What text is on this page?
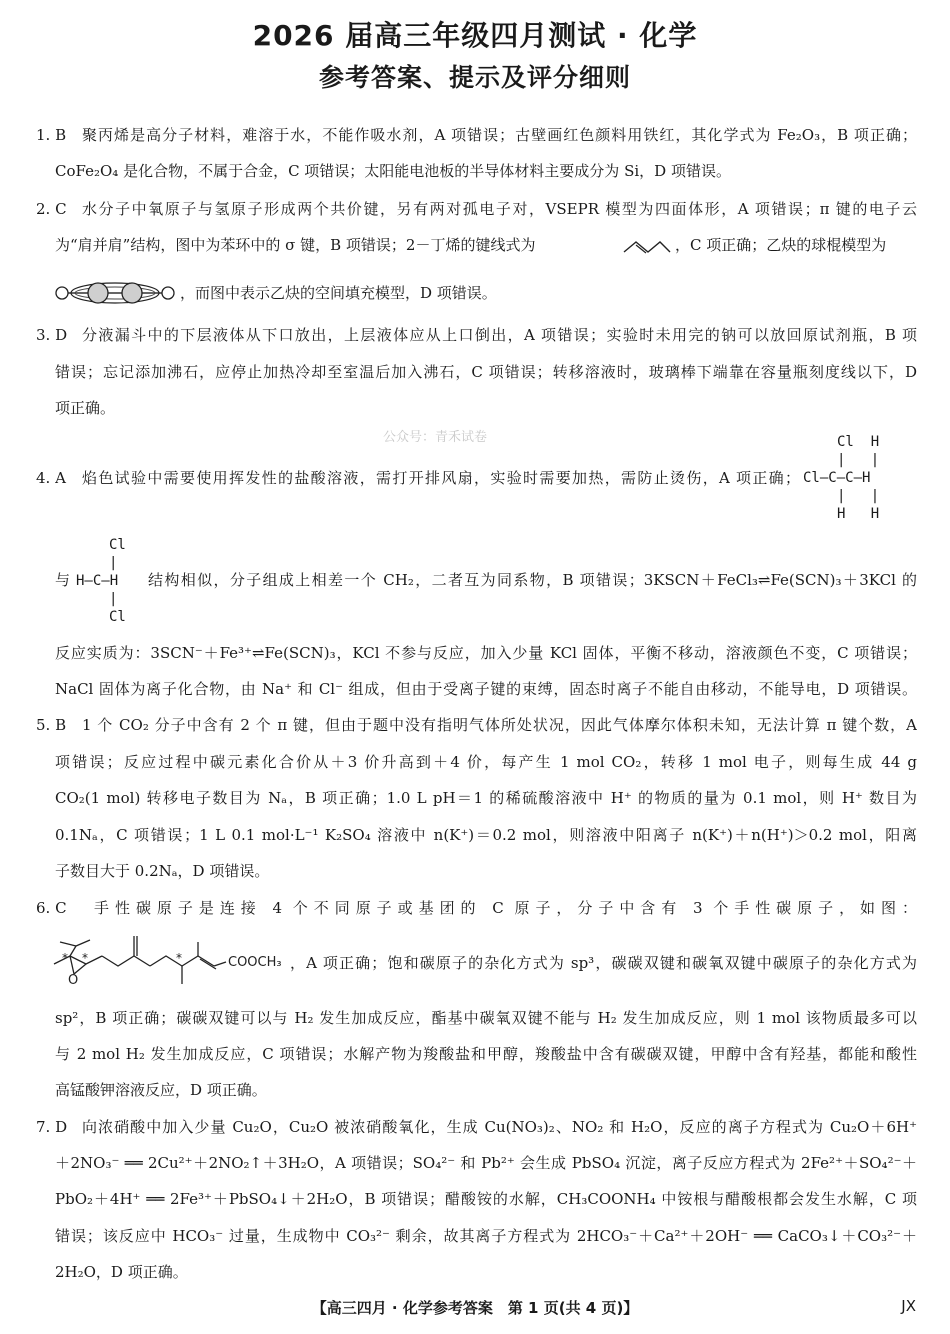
2026 届高三年级四月测试 · 化学
参考答案、提示及评分细则
1. B 聚丙烯是高分子材料，难溶于水，不能作吸水剂，A 项错误；古壁画红色颜料用铁红，其化学式为 Fe₂O₃，B 项正确；
CoFe₂O₄ 是化合物，不属于合金，C 项错误；太阳能电池板的半导体材料主要成分为 Si，D 项错误。
2. C 水分子中氧原子与氢原子形成两个共价键，另有两对孤电子对，VSEPR 模型为四面体形，A 项错误；π 键的电子云
为“肩并肩”结构，图中为苯环中的 σ 键，B 项错误；2－丁烯的键线式为	，C 项正确；乙炔的球棍模型为
，而图中表示乙炔的空间填充模型，D 项错误。
3. D 分液漏斗中的下层液体从下口放出，上层液体应从上口倒出，A 项错误；实验时未用完的钠可以放回原试剂瓶，B 项
错误；忘记添加沸石，应停止加热冷却至室温后加入沸石，C 项错误；转移溶液时，玻璃棒下端靠在容量瓶刻度线以下，D
项正确。
公众号：青禾试卷
4. A 焰色试验中需要使用挥发性的盐酸溶液，需打开排风扇，实验时需要加热，需防止烫伤，A 项正确；
Cl  H
|   |
Cl—C—C—H
|   |
H   H
与
Cl
|
H—C—H
|
Cl
结构相似，分子组成上相差一个 CH₂，二者互为同系物，B 项错误；3KSCN＋FeCl₃⇌Fe(SCN)₃＋3KCl 的
反应实质为：3SCN⁻＋Fe³⁺⇌Fe(SCN)₃，KCl 不参与反应，加入少量 KCl 固体，平衡不移动，溶液颜色不变，C 项错误；
NaCl 固体为离子化合物，由 Na⁺ 和 Cl⁻ 组成，但由于受离子键的束缚，固态时离子不能自由移动，不能导电，D 项错误。
5. B 1 个 CO₂ 分子中含有 2 个 π 键，但由于题中没有指明气体所处状况，因此气体摩尔体积未知，无法计算 π 键个数，A
项错误；反应过程中碳元素化合价从＋3 价升高到＋4 价，每产生 1 mol CO₂，转移 1 mol 电子，则每生成 44 g
CO₂(1 mol) 转移电子数目为 Nₐ，B 项正确；1.0 L pH＝1 的稀硫酸溶液中 H⁺ 的物质的量为 0.1 mol，则 H⁺ 数目为
0.1Nₐ，C 项错误；1 L 0.1 mol·L⁻¹ K₂SO₄ 溶液中 n(K⁺)＝0.2 mol，则溶液中阳离子 n(K⁺)＋n(H⁺)＞0.2 mol，阳离
子数目大于 0.2Nₐ，D 项错误。
6. C 手性碳原子是连接 4 个不同原子或基团的 C 原子，分子中含有 3 个手性碳原子，如图：
O
* *	*	COOCH₃ ，A 项正确；饱和碳原子的杂化方式为 sp³，碳碳双键和碳氧双键中碳原子的杂化方式为
sp²，B 项正确；碳碳双键可以与 H₂ 发生加成反应，酯基中碳氧双键不能与 H₂ 发生加成反应，则 1 mol 该物质最多可以
与 2 mol H₂ 发生加成反应，C 项错误；水解产物为羧酸盐和甲醇，羧酸盐中含有碳碳双键，甲醇中含有羟基，都能和酸性
高锰酸钾溶液反应，D 项正确。
7. D 向浓硝酸中加入少量 Cu₂O，Cu₂O 被浓硝酸氧化，生成 Cu(NO₃)₂、NO₂ 和 H₂O，反应的离子方程式为 Cu₂O＋6H⁺
＋2NO₃⁻ ══ 2Cu²⁺＋2NO₂↑＋3H₂O，A 项错误；SO₄²⁻ 和 Pb²⁺ 会生成 PbSO₄ 沉淀，离子反应方程式为 2Fe²⁺＋SO₄²⁻＋
PbO₂＋4H⁺ ══ 2Fe³⁺＋PbSO₄↓＋2H₂O，B 项错误；醋酸铵的水解，CH₃COONH₄ 中铵根与醋酸根都会发生水解，C 项
错误；该反应中 HCO₃⁻ 过量，生成物中 CO₃²⁻ 剩余，故其离子方程式为 2HCO₃⁻＋Ca²⁺＋2OH⁻ ══ CaCO₃↓＋CO₃²⁻＋
2H₂O，D 项正确。
【高三四月 · 化学参考答案　第 1 页(共 4 页)】	JX
